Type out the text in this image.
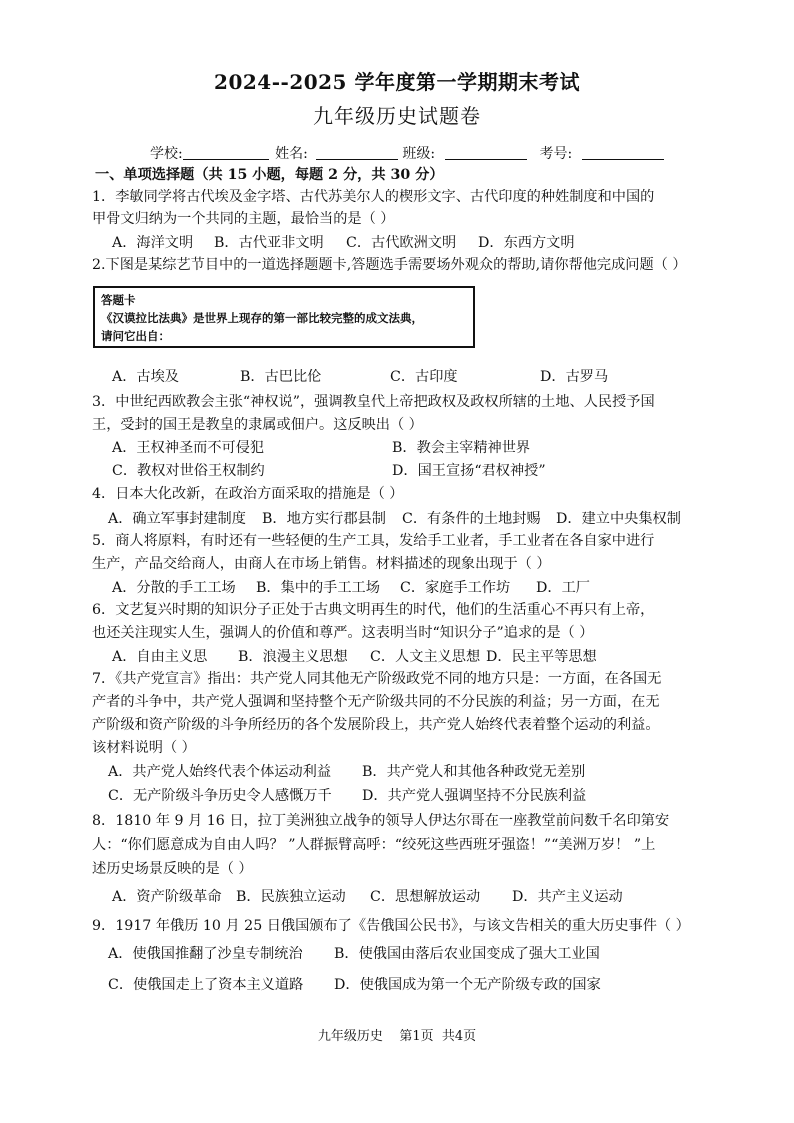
2024--2025 学年度第一学期期末考试
九年级历史试题卷
学校:	姓名:	班级:	考号:
一、单项选择题（共 15 小题，每题 2 分，共 30 分）
1．李敏同学将古代埃及金字塔、古代苏美尔人的楔形文字、古代印度的种姓制度和中国的
甲骨文归纳为一个共同的主题，最恰当的是（ ）
A．海洋文明 B．古代亚非文明 C．古代欧洲文明 D．东西方文明
2.下图是某综艺节目中的一道选择题题卡,答题选手需要场外观众的帮助,请你帮他完成问题（ ）
答题卡
《汉谟拉比法典》是世界上现存的第一部比较完整的成文法典，
请问它出自：
A．古埃及	B．古巴比伦	C．古印度	D．古罗马
3．中世纪西欧教会主张“神权说”，强调教皇代上帝把政权及政权所辖的土地、人民授予国
王，受封的国王是教皇的隶属或佃户。这反映出（ ）
A．王权神圣而不可侵犯	B．教会主宰精神世界
C．教权对世俗王权制约	D．国王宣扬“君权神授”
4．日本大化改新，在政治方面采取的措施是（ ）
A．确立军事封建制度 B．地方实行郡县制 C．有条件的土地封赐 D．建立中央集权制
5．商人将原料，有时还有一些轻便的生产工具，发给手工业者，手工业者在各自家中进行
生产，产品交给商人，由商人在市场上销售。材料描述的现象出现于（ ）
A．分散的手工工场 B．集中的手工工场 C．家庭手工作坊 D．工厂
6．文艺复兴时期的知识分子正处于古典文明再生的时代，他们的生活重心不再只有上帝，
也还关注现实人生，强调人的价值和尊严。这表明当时“知识分子”追求的是（ ）
A．自由主义思 B．浪漫主义思想 C．人文主义思想 D．民主平等思想
7．《共产党宣言》指出：共产党人同其他无产阶级政党不同的地方只是：一方面，在各国无
产者的斗争中，共产党人强调和坚持整个无产阶级共同的不分民族的利益；另一方面，在无
产阶级和资产阶级的斗争所经历的各个发展阶段上，共产党人始终代表着整个运动的利益。
该材料说明（ ）
A．共产党人始终代表个体运动利益 B．共产党人和其他各种政党无差别
C．无产阶级斗争历史令人感慨万千 D．共产党人强调坚持不分民族利益
8．1810 年 9 月 16 日，拉丁美洲独立战争的领导人伊达尔哥在一座教堂前问数千名印第安
人：“你们愿意成为自由人吗？ ”人群振臂高呼：“绞死这些西班牙强盗！”“美洲万岁！ ”上
述历史场景反映的是（ ）
A．资产阶级革命 B．民族独立运动 C．思想解放运动 D．共产主义运动
9．1917 年俄历 10 月 25 日俄国颁布了《告俄国公民书》，与该文告相关的重大历史事件（ ）
A．使俄国推翻了沙皇专制统治 B．使俄国由落后农业国变成了强大工业国
C．使俄国走上了资本主义道路 D．使俄国成为第一个无产阶级专政的国家
九年级历史    第1页  共4页
